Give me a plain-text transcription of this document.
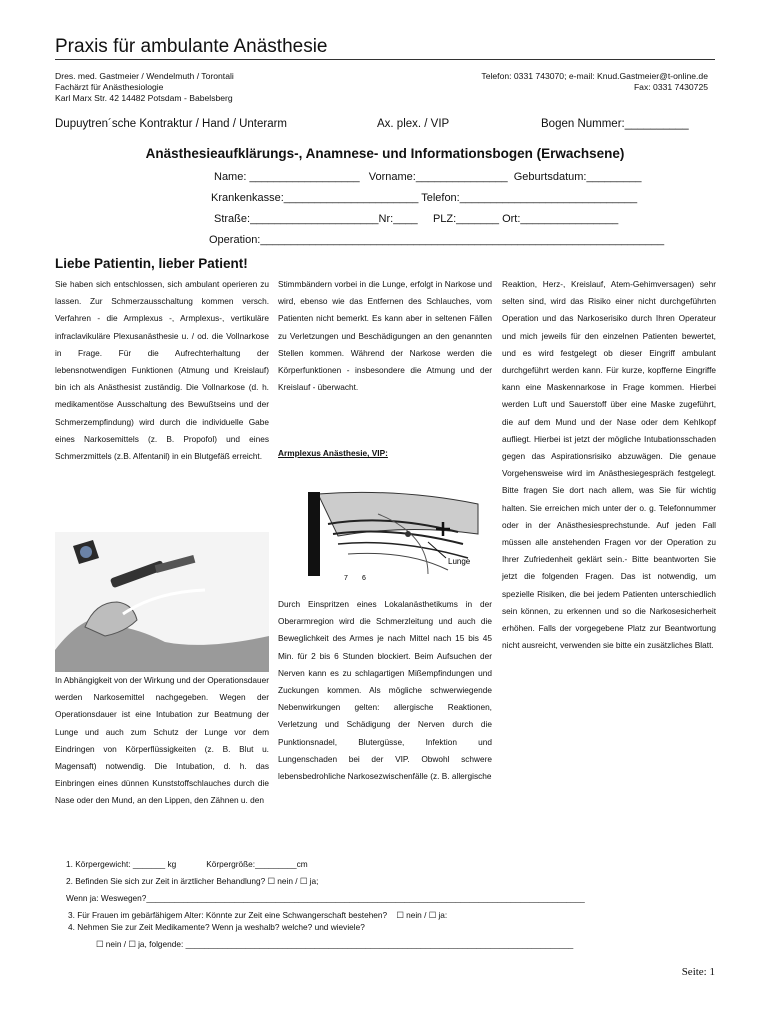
Praxis für ambulante Anästhesie
Dres. med. Gastmeier / Wendelmuth / Torontali
Fachärzt für Anästhesiologie
Karl Marx Str. 42 14482 Potsdam - Babelsberg
Telefon: 0331 743070; e-mail: Knud.Gastmeier@t-online.de
Fax: 0331 7430725
Dupuytren´sche Kontraktur / Hand / Unterarm	Ax. plex. / VIP	Bogen Nummer:__________
Anästhesieaufklärungs-, Anamnese- und Informationsbogen (Erwachsene)
Name: __________________   Vorname:_______________  Geburtsdatum:_________
Krankenkasse:______________________ Telefon:_____________________________
Straße:_____________________Nr:____     PLZ:_______ Ort:________________
Operation:__________________________________________________________________
Liebe Patientin, lieber Patient!

Sie haben sich entschlossen, sich ambulant operieren zu lassen. Zur Schmerzausschaltung kommen versch. Verfahren - die Armplexus -, Armplexus-, vertikuläre infraclavikuläre Plexusanästhesie u. / od. die Vollnarkose in Frage. Für die Aufrechterhaltung der lebensnotwendigen Funktionen (Atmung und Kreislauf) bin ich als Anästhesist zuständig. Die Vollnarkose (d. h. medikamentöse Ausschaltung des Bewußtseins und der Schmerzempfindung) wird durch die individuelle Gabe eines Narkosemittels (z. B. Propofol) und eines Schmerzmittels (z.B. Alfentanil) in ein Blutgefäß erreicht.

In Abhängigkeit von der Wirkung und der Operationsdauer werden Narkosemittel nachgegeben. Wegen der Operationsdauer ist eine Intubation zur Beatmung der Lunge und auch zum Schutz der Lunge vor dem Eindringen von Körperflüssigkeiten (z. B. Blut u. Magensaft) notwendig. Die Intubation, d. h. das Einbringen eines dünnen Kunststoffschlauches durch die Nase oder den Mund, an den Lippen, den Zähnen u. den

Stimmbändern vorbei in die Lunge, erfolgt in Narkose und wird, ebenso wie das Entfernen des Schlauches, vom Patienten nicht bemerkt. Es kann aber in seltenen Fällen zu Verletzungen und Beschädigungen an den genannten Stellen kommen. Während der Narkose werden die Körperfunktionen - insbesondere die Atmung und der Kreislauf - überwacht.

Armplexus Anästhesie, VIP:
7 6
Lunge

Durch Einspritzen eines Lokalanästhetikums in der Oberarmregion wird die Schmerzleitung und auch die Beweglichkeit des Armes je nach Mittel nach 15 bis 45 Min. für 2 bis 6 Stunden blockiert. Beim Aufsuchen der Nerven kann es zu schlagartigen Mißempfindungen und Zuckungen kommen. Als mögliche schwerwiegende Nebenwirkungen gelten: allergische Reaktionen, Verletzung und Schädigung der Nerven durch die Punktionsnadel, Blutergüsse, Infektion und Lungenschaden bei der VIP. Obwohl schwere lebensbedrohliche Narkosezwischenfälle (z. B. allergische

Reaktion, Herz-, Kreislauf, Atem-Gehimversagen) sehr selten sind, wird das Risiko einer nicht durchgeführten Operation und das Narkoserisiko durch Ihren Operateur und mich jeweils für den einzelnen Patienten bewertet, und es wird festgelegt ob dieser Eingriff ambulant durchgeführt werden kann. Für kurze, kopfferne Eingriffe kann eine Maskennarkose in Frage kommen. Hierbei werden Luft und Sauerstoff über eine Maske zugeführt, die auf dem Mund und der Nase oder dem Kehlkopf aufliegt. Hierbei ist jetzt der mögliche Intubationsschaden gegen das Aspirationsrisiko abzuwägen. Die genaue Vorgehensweise wird im Anästhesiegespräch festgelegt. Bitte fragen Sie dort nach allem, was Sie für wichtig halten. Sie erreichen mich unter der o. g. Telefonnummer oder in der Anästhesiesprechstunde. Auf jeden Fall müssen alle anstehenden Fragen vor der Operation zu Ihrer Zufriedenheit geklärt sein.- Bitte beantworten Sie jetzt die folgenden Fragen. Das ist notwendig, um spezielle Risiken, die bei jedem Patienten unterschiedlich sein können, zu erkennen und so die Narkosesicherheit erhöhen. Falls der vorgegebene Platz zur Beantwortung nicht ausreicht, verwenden sie bitte ein zusätzliches Blatt.

1. Körpergewicht: _______ kg             Körpergröße:_________cm
2. Befinden Sie sich zur Zeit in ärztlicher Behandlung? ☐ nein / ☐ ja;
Wenn ja: Weswegen?_______________________________________________________________________________________________
3. Für Frauen im gebärfähigem Alter: Könnte zur Zeit eine Schwangerschaft bestehen?    ☐ nein / ☐ ja:
4. Nehmen Sie zur Zeit Medikamente? Wenn ja weshalb? welche? und wieviele?
☐ nein / ☐ ja, folgende: ____________________________________________________________________________________
Seite: 1
